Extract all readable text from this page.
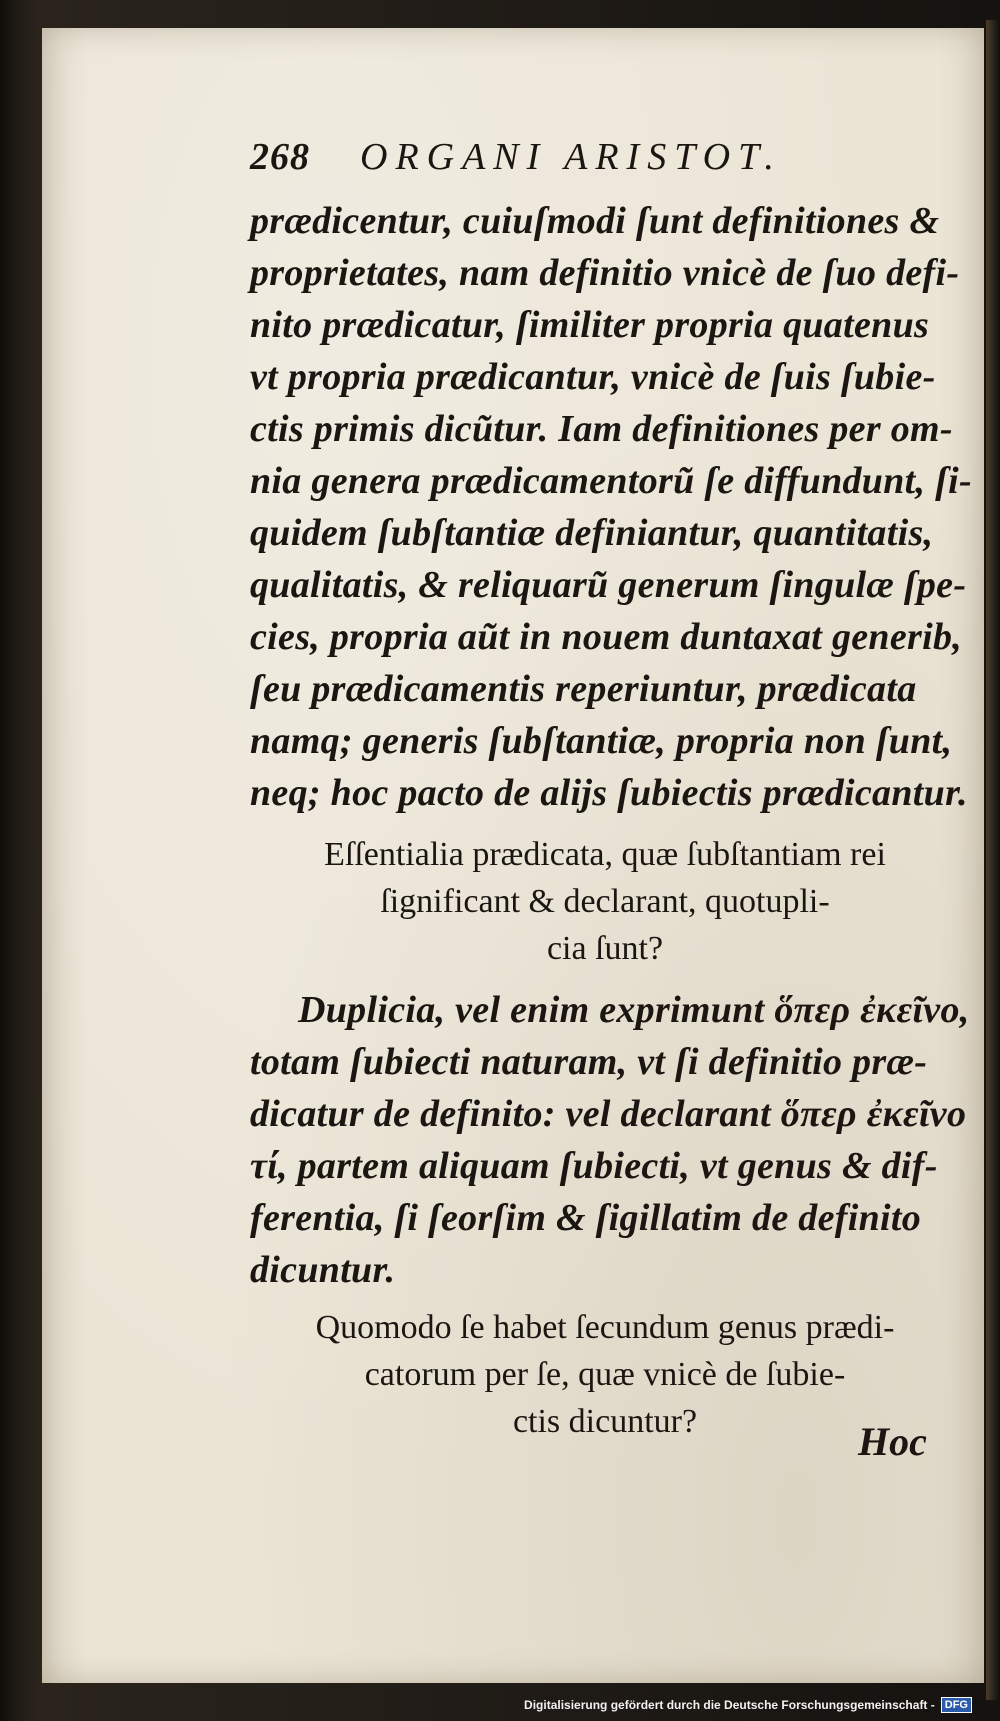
268 ORGANI ARISTOT.
prædicentur, cuiuſmodi ſunt definitiones &
proprietates, nam definitio vnicè de ſuo defi-
nito prædicatur, ſimiliter propria quatenus
vt propria prædicantur, vnicè de ſuis ſubie-
ctis primis dicũtur. Iam definitiones per om-
nia genera prædicamentorũ ſe diffundunt, ſi-
quidem ſubſtantiæ definiantur, quantitatis,
qualitatis, & reliquarũ generum ſingulæ ſpe-
cies, propria aũt in nouem duntaxat generib,
ſeu prædicamentis reperiuntur, prædicata
namq; generis ſubſtantiæ, propria non ſunt,
neq; hoc pacto de alijs ſubiectis prædicantur.
Eſſentialia prædicata, quæ ſubſtantiam rei
ſignificant & declarant, quotupli-
cia ſunt?
Duplicia, vel enim exprimunt ὅπερ ἐκεῖνο,
totam ſubiecti naturam, vt ſi definitio præ-
dicatur de definito: vel declarant ὅπερ ἐκεῖνο
τί, partem aliquam ſubiecti, vt genus & dif-
ferentia, ſi ſeorſim & ſigillatim de definito
dicuntur.
Quomodo ſe habet ſecundum genus prædi-
catorum per ſe, quæ vnicè de ſubie-
ctis dicuntur?	Hoc
Digitalisierung gefördert durch die Deutsche Forschungsgemeinschaft - DFG
